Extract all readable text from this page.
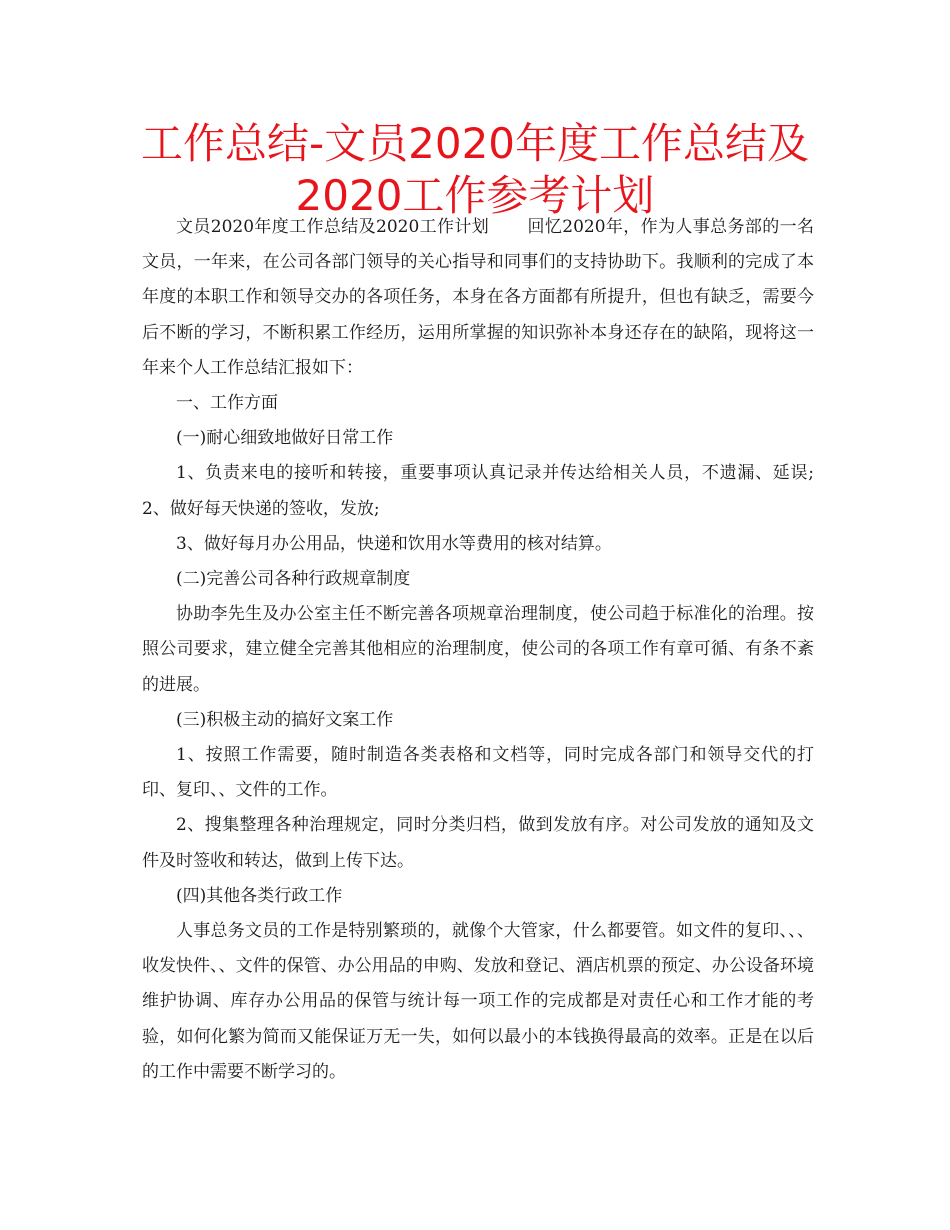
工作总结-文员2020年度工作总结及2020工作参考计划

文员2020年度工作总结及2020工作计划 回忆2020年，作为人事总务部的一名文员，一年来，在公司各部门领导的关心指导和同事们的支持协助下。我顺利的完成了本年度的本职工作和领导交办的各项任务，本身在各方面都有所提升，但也有缺乏，需要今后不断的学习，不断积累工作经历，运用所掌握的知识弥补本身还存在的缺陷，现将这一年来个人工作总结汇报如下：

一、工作方面

(一)耐心细致地做好日常工作

1、负责来电的接听和转接，重要事项认真记录并传达给相关人员，不遗漏、延误;2、做好每天快递的签收，发放;

3、做好每月办公用品，快递和饮用水等费用的核对结算。

(二)完善公司各种行政规章制度

协助李先生及办公室主任不断完善各项规章治理制度，使公司趋于标准化的治理。按照公司要求，建立健全完善其他相应的治理制度，使公司的各项工作有章可循、有条不紊的进展。

(三)积极主动的搞好文案工作

1、按照工作需要，随时制造各类表格和文档等，同时完成各部门和领导交代的打印、复印、、文件的工作。

2、搜集整理各种治理规定，同时分类归档，做到发放有序。对公司发放的通知及文件及时签收和转达，做到上传下达。

(四)其他各类行政工作

人事总务文员的工作是特别繁琐的，就像个大管家，什么都要管。如文件的复印、、、收发快件、、文件的保管、办公用品的申购、发放和登记、酒店机票的预定、办公设备环境维护协调、库存办公用品的保管与统计每一项工作的完成都是对责任心和工作才能的考验，如何化繁为简而又能保证万无一失，如何以最小的本钱换得最高的效率。正是在以后的工作中需要不断学习的。
